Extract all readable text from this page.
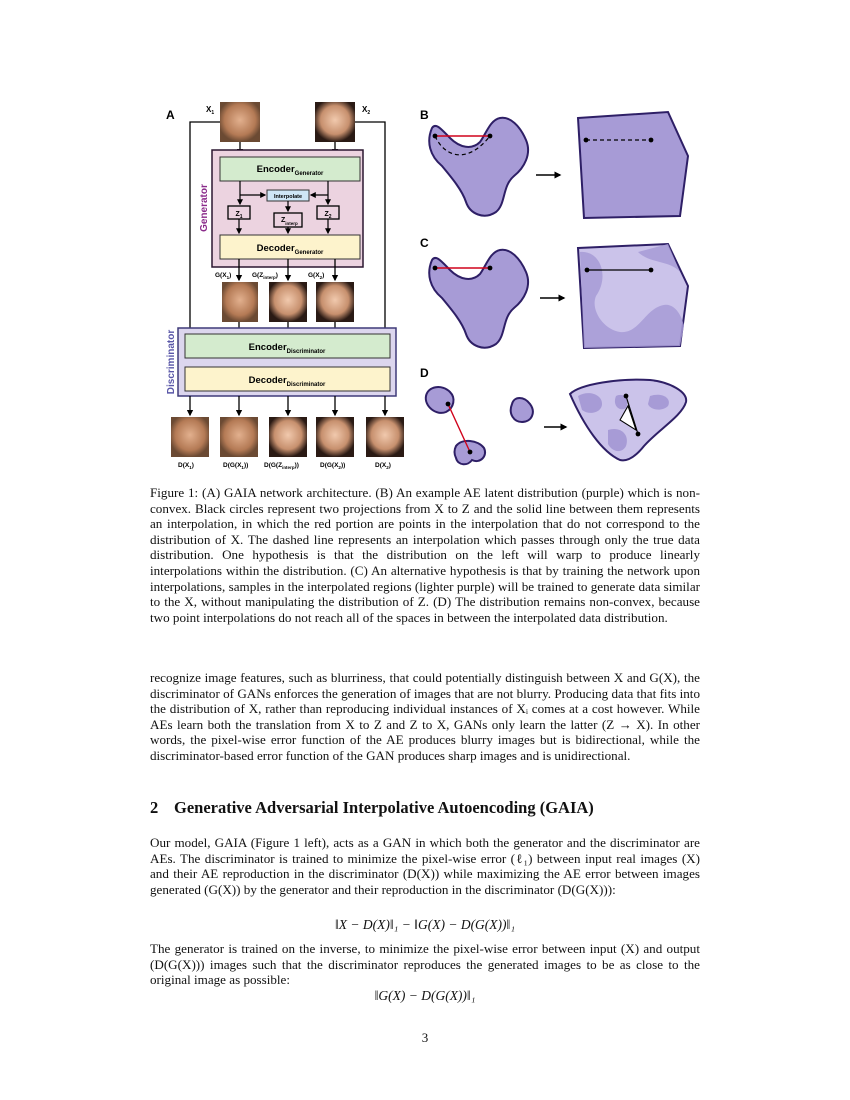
A	B
C
D
$X_1$	$X_2$
Generator
Encoder$_{Generator}$
Interpolate
$Z_1$	$Z_2$
$Z_{interp}$
Decoder$_{Generator}$
$G(X_1)$	$G(Z_{interp})$	$G(X_2)$
Discriminator	Encoder$_{Discriminator}$
Decoder$_{Discriminator}$
$D(X_1)$	$D(G(X_1))$ $D(G(Z_{interp}))$	$D(G(X_2))$	$D(X_2)$
Figure 1: (A) GAIA network architecture. (B) An example AE latent distribution (purple) which is non-convex. Black circles represent two projections from X to Z and the solid line between them represents an interpolation, in which the red portion are points in the interpolation that do not correspond to the distribution of X. The dashed line represents an interpolation which passes through only the true data distribution. One hypothesis is that the distribution on the left will warp to produce linearly interpolations within the distribution. (C) An alternative hypothesis is that by training the network upon interpolations, samples in the interpolated regions (lighter purple) will be trained to generate data similar to the X, without manipulating the distribution of Z. (D) The distribution remains non-convex, because two point interpolations do not reach all of the spaces in between the interpolated data distribution.
recognize image features, such as blurriness, that could potentially distinguish between X and G(X), the discriminator of GANs enforces the generation of images that are not blurry. Producing data that fits into the distribution of X, rather than reproducing individual instances of Xᵢ comes at a cost however. While AEs learn both the translation from X to Z and Z to X, GANs only learn the latter (Z → X). In other words, the pixel-wise error function of the AE produces blurry images but is bidirectional, while the discriminator-based error function of the GAN produces sharp images and is unidirectional.
2 Generative Adversarial Interpolative Autoencoding (GAIA)
Our model, GAIA (Figure 1 left), acts as a GAN in which both the generator and the discriminator are AEs. The discriminator is trained to minimize the pixel-wise error (ℓ₁) between input real images (X) and their AE reproduction in the discriminator (D(X)) while maximizing the AE error between images generated (G(X)) by the generator and their reproduction in the discriminator (D(G(X))):
‖X − D(X)‖₁ − ‖G(X) − D(G(X))‖₁
The generator is trained on the inverse, to minimize the pixel-wise error between input (X) and output (D(G(X))) images such that the discriminator reproduces the generated images to be as close to the original image as possible:
‖G(X) − D(G(X))‖₁
3
